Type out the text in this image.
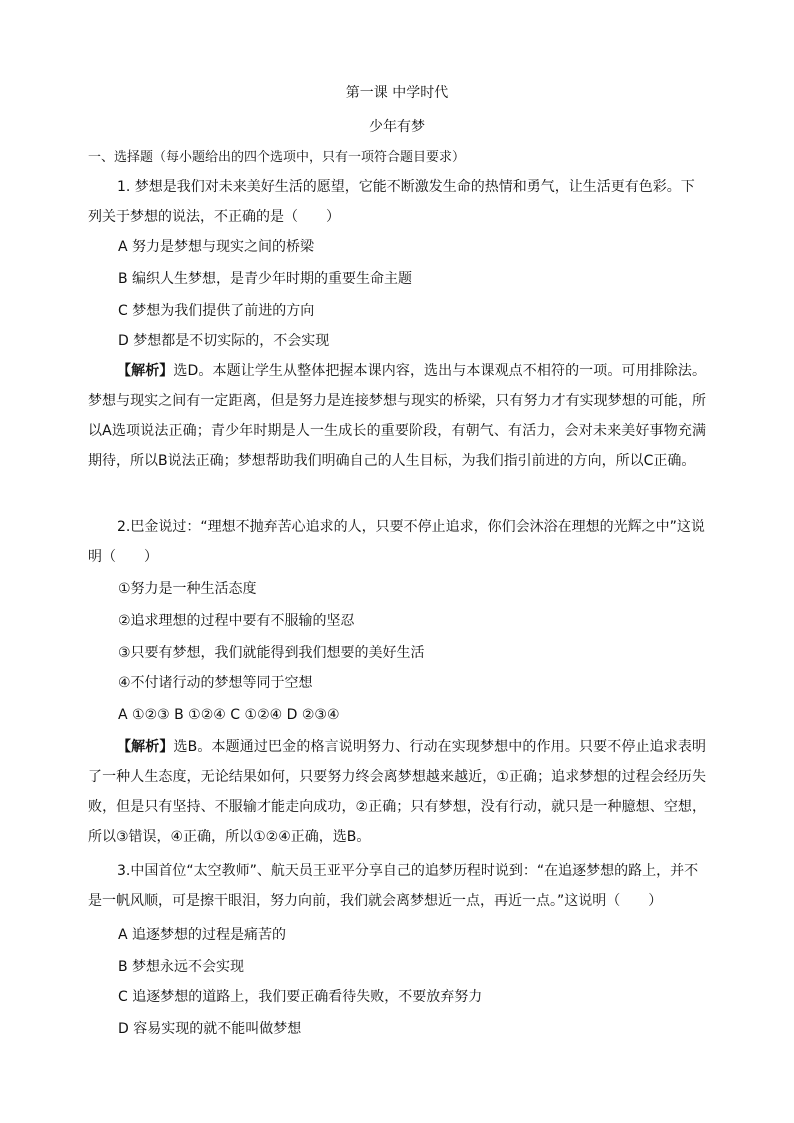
第一课 中学时代
少年有梦
一、选择题（每小题给出的四个选项中，只有一项符合题目要求）
1. 梦想是我们对未来美好生活的愿望，它能不断激发生命的热情和勇气，让生活更有色彩。下列关于梦想的说法，不正确的是（　　）
A 努力是梦想与现实之间的桥梁
B 编织人生梦想，是青少年时期的重要生命主题
C 梦想为我们提供了前进的方向
D 梦想都是不切实际的，不会实现
【解析】选D。本题让学生从整体把握本课内容，选出与本课观点不相符的一项。可用排除法。梦想与现实之间有一定距离，但是努力是连接梦想与现实的桥梁，只有努力才有实现梦想的可能，所以A选项说法正确；青少年时期是人一生成长的重要阶段，有朝气、有活力，会对未来美好事物充满期待，所以B说法正确；梦想帮助我们明确自己的人生目标，为我们指引前进的方向，所以C正确。
2.巴金说过：“理想不抛弃苦心追求的人，只要不停止追求，你们会沐浴在理想的光辉之中”这说明（　　）
①努力是一种生活态度
②追求理想的过程中要有不服输的坚忍
③只要有梦想，我们就能得到我们想要的美好生活
④不付诸行动的梦想等同于空想
A ①②③ B ①②④ C ①②④ D ②③④
【解析】选B。本题通过巴金的格言说明努力、行动在实现梦想中的作用。只要不停止追求表明了一种人生态度，无论结果如何，只要努力终会离梦想越来越近，①正确；追求梦想的过程会经历失败，但是只有坚持、不服输才能走向成功，②正确；只有梦想，没有行动，就只是一种臆想、空想，所以③错误，④正确，所以①②④正确，选B。
3.中国首位“太空教师”、航天员王亚平分享自己的追梦历程时说到：“在追逐梦想的路上，并不是一帆风顺，可是擦干眼泪，努力向前，我们就会离梦想近一点，再近一点。”这说明（　　）
A 追逐梦想的过程是痛苦的
B 梦想永远不会实现
C 追逐梦想的道路上，我们要正确看待失败，不要放弃努力
D 容易实现的就不能叫做梦想
